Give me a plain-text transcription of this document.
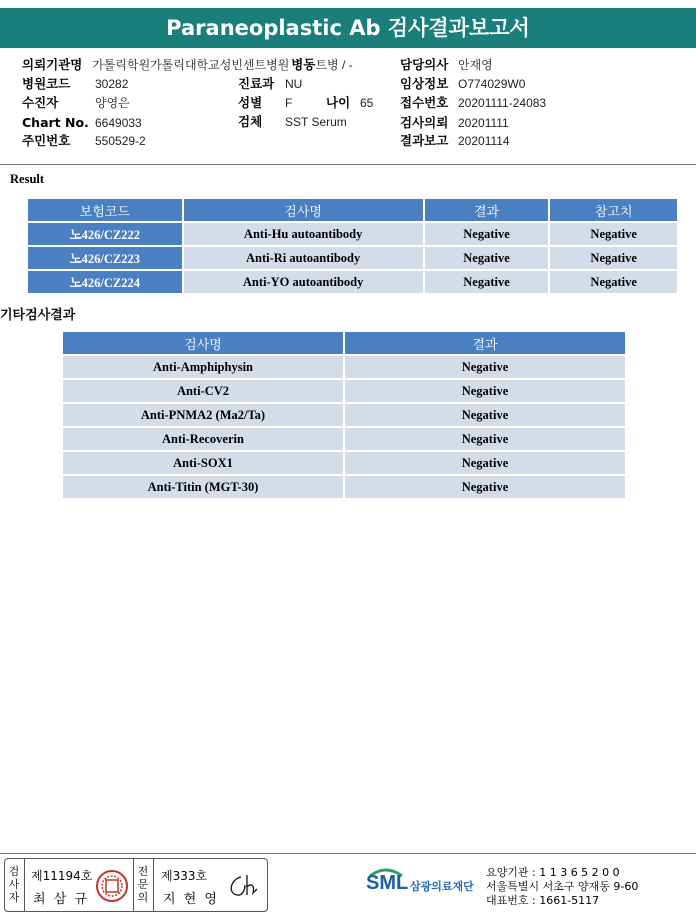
Paraneoplastic Ab 검사결과보고서
의뢰기관명 가톨릭학원가톨릭대학교성빈센트병원 병동트병 / -
병원코드 30282	진료과 NU
수진자	양영은	성별 F	나이 65
Chart No. 6649033	검체 SST Serum
주민번호 550529-2
담당의사 안재영
임상정보 O774029W0
접수번호 20201111-24083
검사의뢰 20201111
결과보고 20201114
Result
보험코드	검사명	결과	참고치
노426/CZ222	Anti-Hu autoantibody	Negative	Negative
노426/CZ223	Anti-Ri autoantibody	Negative	Negative
노426/CZ224	Anti-YO autoantibody	Negative	Negative
기타검사결과
검사명	결과
Anti-Amphiphysin	Negative
Anti-CV2	Negative
Anti-PNMA2 (Ma2/Ta)	Negative
Anti-Recoverin	Negative
Anti-SOX1	Negative
Anti-Titin (MGT-30)	Negative
검사자
제11194호
최 삼 규
전문의
제333호
지 현 영
SML 삼광의료재단
요양기관 : 1 1 3 6 5 2 0 0
서울특별시 서초구 양재동 9-60
대표번호 : 1661-5117
